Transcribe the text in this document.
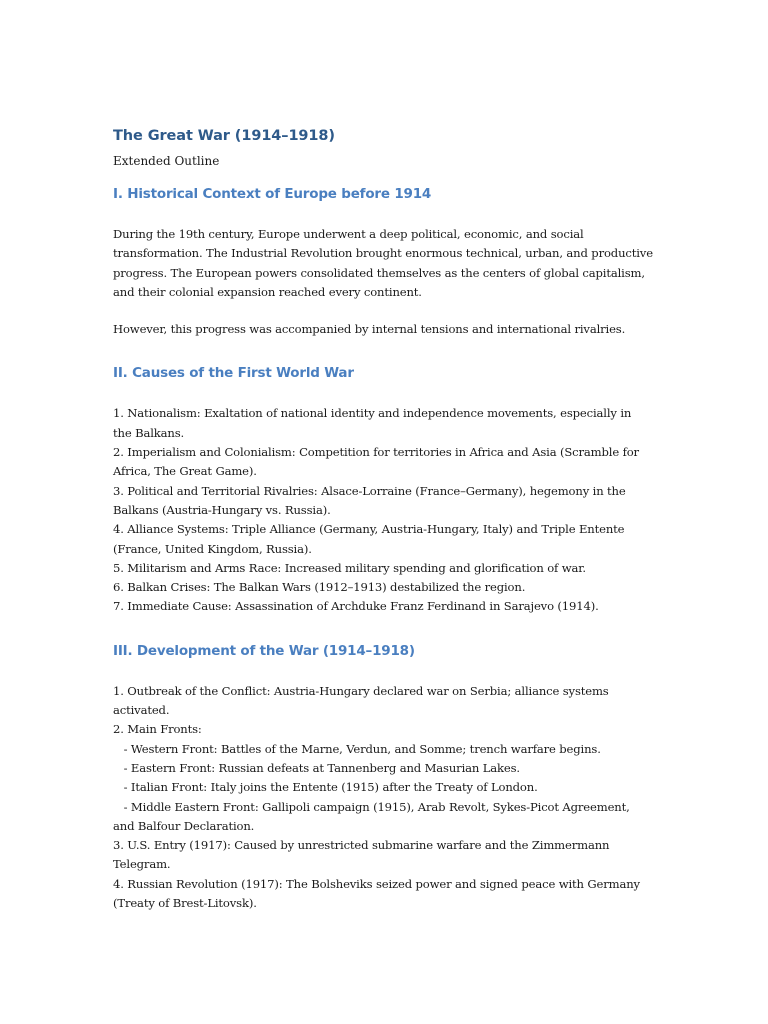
The Great War (1914–1918)

Extended Outline

I. Historical Context of Europe before 1914

During the 19th century, Europe underwent a deep political, economic, and social transformation. The Industrial Revolution brought enormous technical, urban, and productive progress. The European powers consolidated themselves as the centers of global capitalism, and their colonial expansion reached every continent.

However, this progress was accompanied by internal tensions and international rivalries.

II. Causes of the First World War
1. Nationalism: Exaltation of national identity and independence movements, especially in the Balkans.
2. Imperialism and Colonialism: Competition for territories in Africa and Asia (Scramble for Africa, The Great Game).
3. Political and Territorial Rivalries: Alsace-Lorraine (France–Germany), hegemony in the Balkans (Austria-Hungary vs. Russia).
4. Alliance Systems: Triple Alliance (Germany, Austria-Hungary, Italy) and Triple Entente (France, United Kingdom, Russia).
5. Militarism and Arms Race: Increased military spending and glorification of war.
6. Balkan Crises: The Balkan Wars (1912–1913) destabilized the region.
7. Immediate Cause: Assassination of Archduke Franz Ferdinand in Sarajevo (1914).
III. Development of the War (1914–1918)
1. Outbreak of the Conflict: Austria-Hungary declared war on Serbia; alliance systems activated.
2. Main Fronts:
- Western Front: Battles of the Marne, Verdun, and Somme; trench warfare begins.
- Eastern Front: Russian defeats at Tannenberg and Masurian Lakes.
- Italian Front: Italy joins the Entente (1915) after the Treaty of London.
- Middle Eastern Front: Gallipoli campaign (1915), Arab Revolt, Sykes-Picot Agreement, and Balfour Declaration.
3. U.S. Entry (1917): Caused by unrestricted submarine warfare and the Zimmermann Telegram.
4. Russian Revolution (1917): The Bolsheviks seized power and signed peace with Germany (Treaty of Brest-Litovsk).
